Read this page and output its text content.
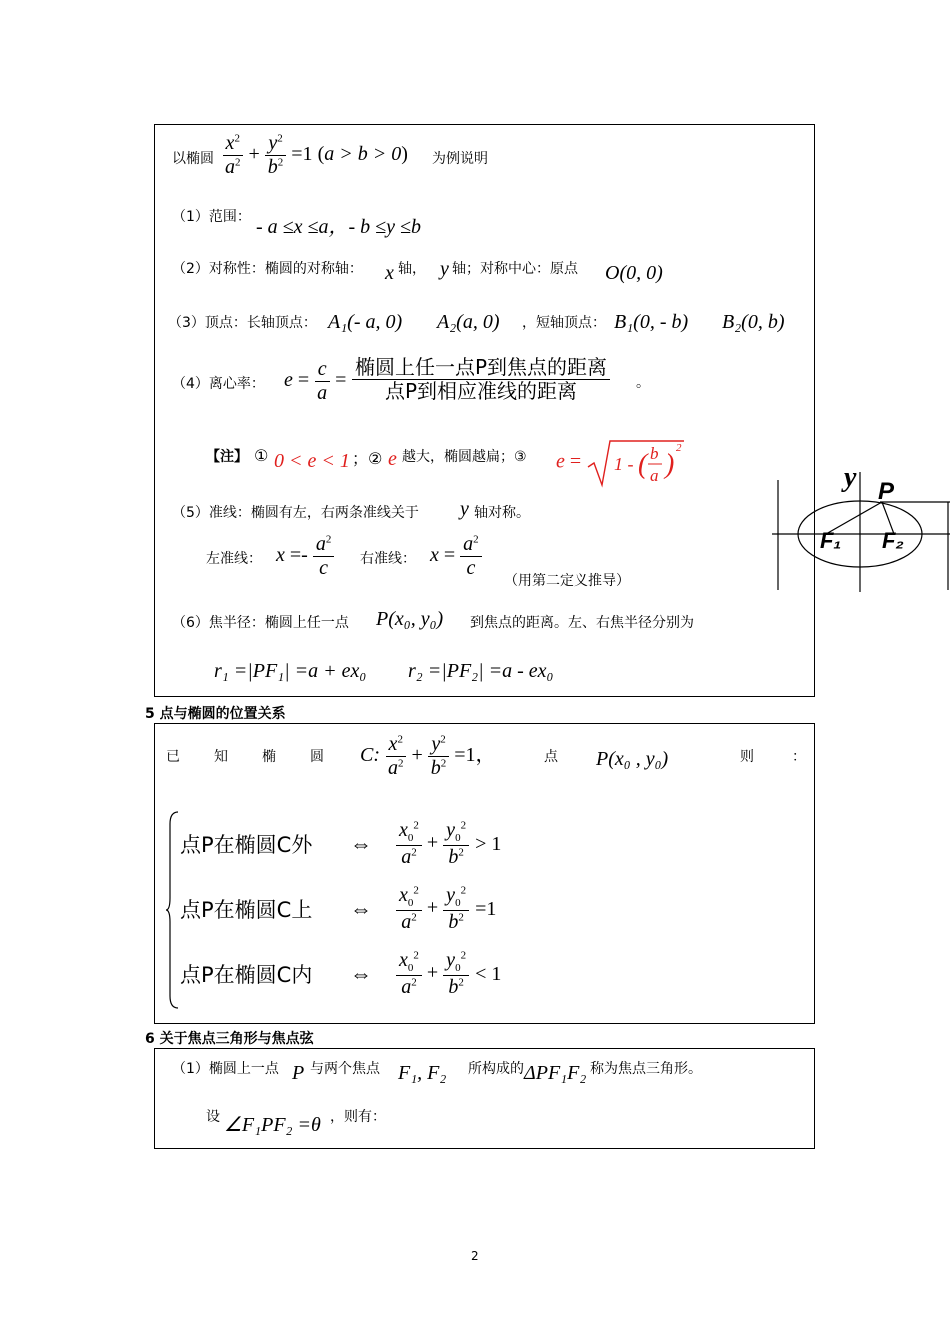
以椭圆 $\frac{x^2}{a^2} + \frac{y^2}{b^2} =1$ (a > b > 0) 为例说明
（1）范围： - a ≤x ≤a，- b ≤y ≤b
（2）对称性：椭圆的对称轴： x 轴， y 轴；对称中心：原点 O(0, 0)
（3）顶点：长轴顶点： A₁(- a, 0) A₂(a, 0) ，短轴顶点： B₁(0, - b) B₂(0, b)
（4）离心率： $e = \frac{c}{a} = \frac{\text{椭圆上任一点P到焦点的距离}}{\text{点P到相应准线的距离}}$ 。
【注】 ① 0 < e < 1 ；② e 越大，椭圆越扁；③ e = 1 - ( b
a )
2
（5）准线：椭圆有左，右两条准线关于 y 轴对称。
左准线： $x =- \frac{a^2}{c}$ 右准线： $x = \frac{a^2}{c}$
（用第二定义推导）
（6）焦半径：椭圆上任一点 P(x₀, y₀) 到焦点的距离。左、右焦半径分别为
r₁ =|PF₁| =a + ex₀ r₂ =|PF₂| =a - ex₀
y P
F₁ F₂
5 点与椭圆的位置关系
已 知 椭 圆 C: $\frac{x^2}{a^2} + \frac{y^2}{b^2} =1$，	点 P(x₀ , y₀)	则	：
点P在椭圆C外	⇔	$\frac{x_0^2}{a^2} + \frac{y_0^2}{b^2} > 1$
点P在椭圆C上	⇔	$\frac{x_0^2}{a^2} + \frac{y_0^2}{b^2} =1$
点P在椭圆C内	⇔	$\frac{x_0^2}{a^2} + \frac{y_0^2}{b^2} < 1$
6 关于焦点三角形与焦点弦
（1）椭圆上一点 P 与两个焦点 F₁, F₂ 所构成的 ΔPF₁F₂ 称为焦点三角形。
设 ∠F₁PF₂ =θ ，则有：
2
